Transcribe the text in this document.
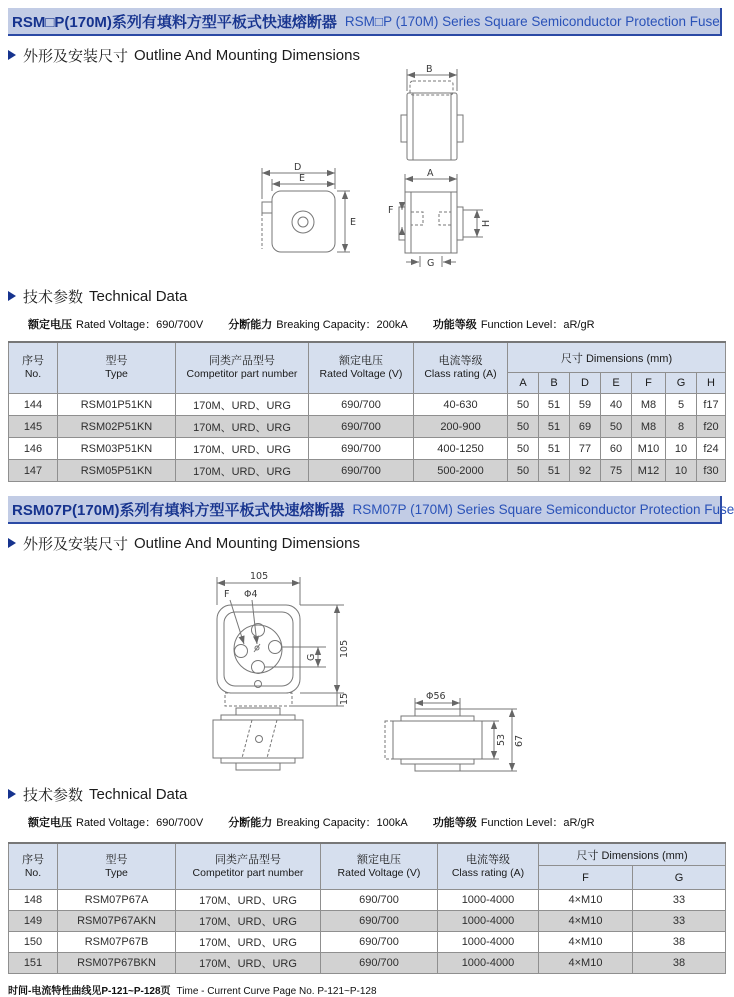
RSM□P(170M)系列有填料方型平板式快速熔断器 RSM□P (170M) Series Square Semiconductor Protection Fuse
外形及安装尺寸 Outline And Mounting Dimensions
B
D
E
E
A
F
H
G
技术参数 Technical Data
额定电压 Rated Voltage：690/700V 分断能力 Breaking Capacity：200kA 功能等级 Function Level：aR/gR
序号
No.

型号
Type

同类产品型号
Competitor part number

额定电压
Rated Voltage (V)

电流等级
Class rating (A)
	尺寸 Dimensions (mm)
					A	B	D	E	F	G	H
144	RSM01P51KN	170M、URD、URG	690/700	40-630	50	51	59	40	M8	5	f17
145	RSM02P51KN	170M、URD、URG	690/700	200-900	50	51	69	50	M8	8	f20
146	RSM03P51KN	170M、URD、URG	690/700	400-1250	50	51	77	60	M10	10	f24
147	RSM05P51KN	170M、URD、URG	690/700	500-2000	50	51	92	75	M12	10	f30
RSM07P(170M)系列有填料方型平板式快速熔断器 RSM07P (170M) Series Square Semiconductor Protection Fuse
外形及安装尺寸 Outline And Mounting Dimensions
105
F Φ4
G 105
15	Φ56
53 67
技术参数 Technical Data
额定电压 Rated Voltage：690/700V 分断能力 Breaking Capacity：100kA 功能等级 Function Level：aR/gR
序号
No.

型号
Type

同类产品型号
Competitor part number

额定电压
Rated Voltage (V)

电流等级
Class rating (A)
	尺寸 Dimensions (mm)
					F	G
148	RSM07P67A	170M、URD、URG	690/700	1000-4000	4×M10	33
149	RSM07P67AKN	170M、URD、URG	690/700	1000-4000	4×M10	33
150	RSM07P67B	170M、URD、URG	690/700	1000-4000	4×M10	38
151	RSM07P67BKN	170M、URD、URG	690/700	1000-4000	4×M10	38
时间-电流特性曲线见P-121~P-128页 Time - Current Curve Page No. P-121~P-128
